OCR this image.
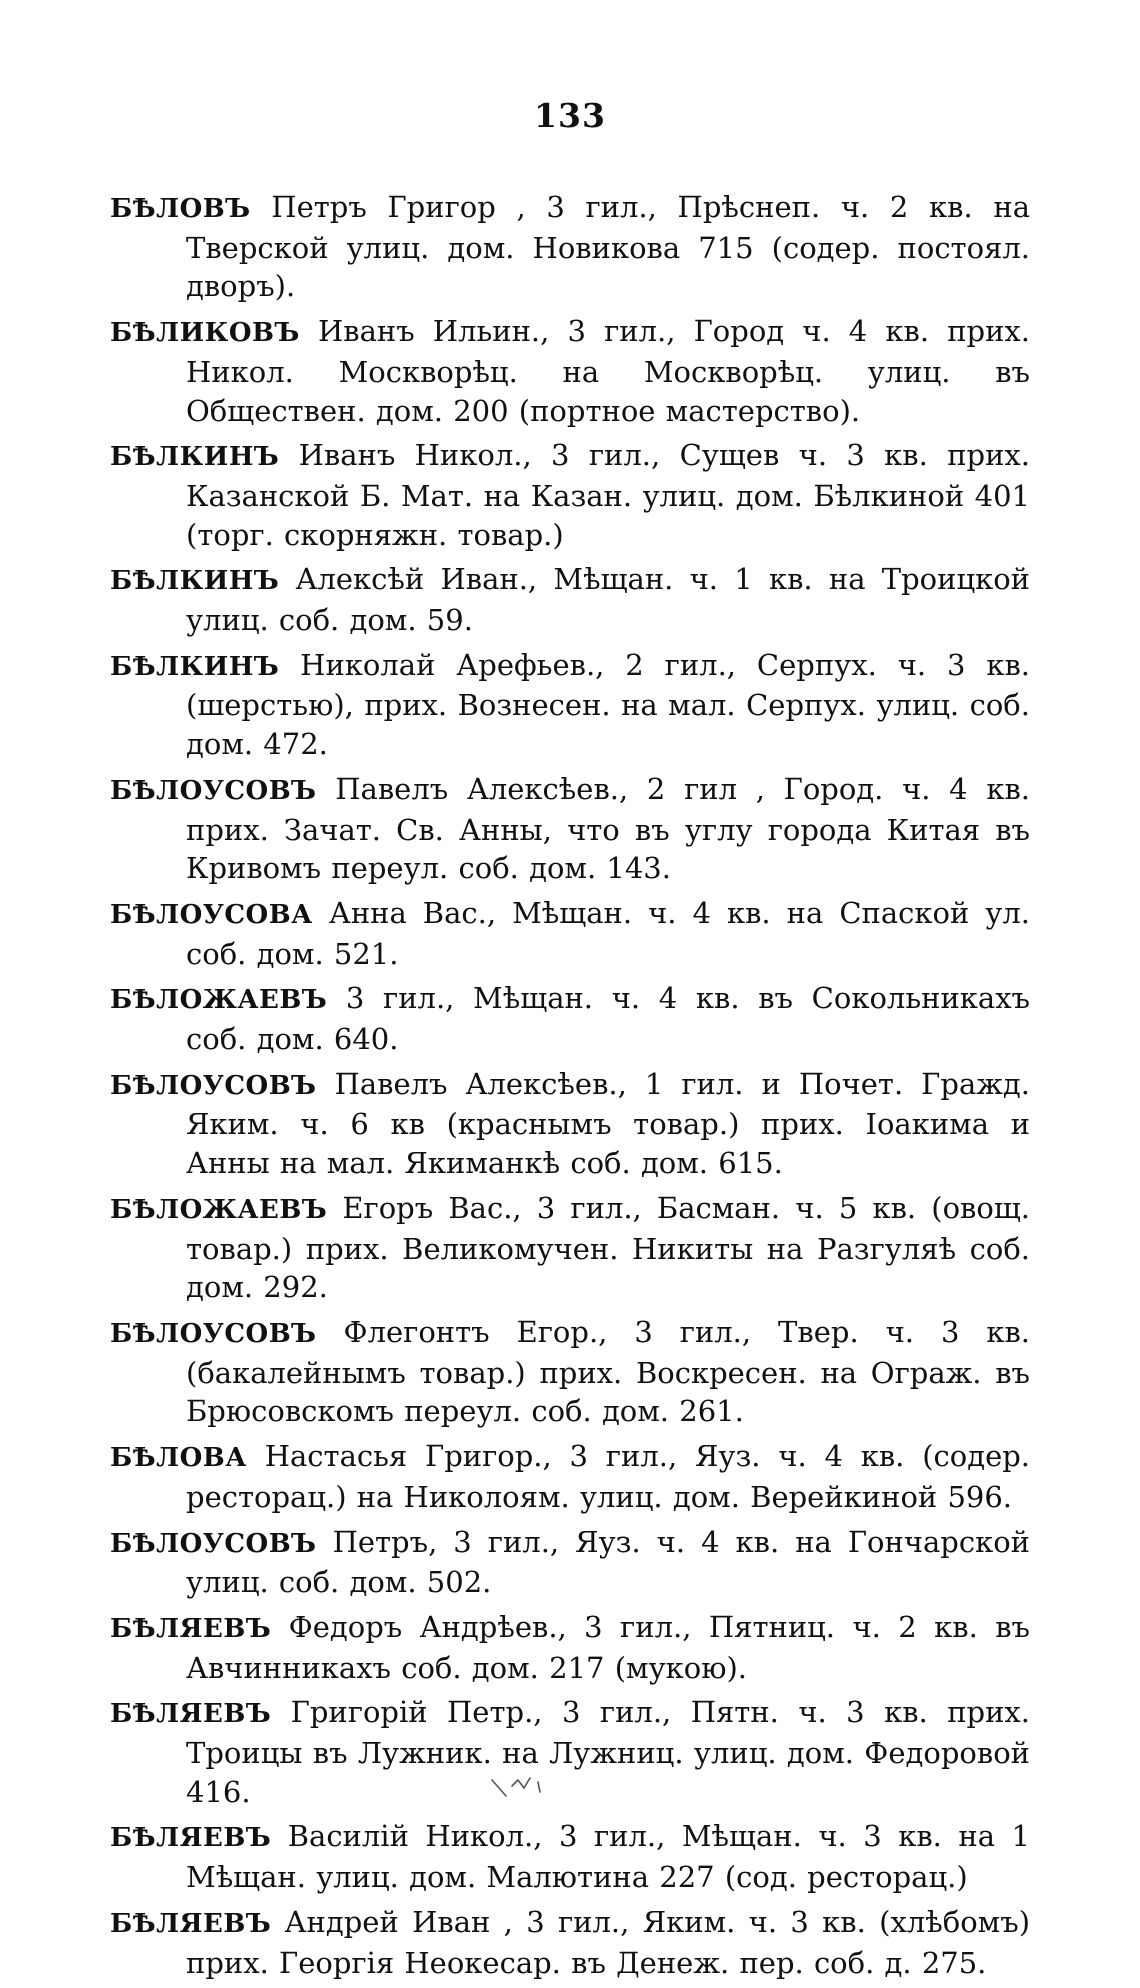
133

БѢЛОВЪ Петръ Григор , 3 гил., Прѣснеп. ч. 2 кв. на Тверской улиц. дом. Новикова 715 (содер. постоял. дворъ).

БѢЛИКОВЪ Иванъ Ильин., 3 гил., Город ч. 4 кв. прих. Никол. Москворѣц. на Москворѣц. улиц. въ Обществен. дом. 200 (портное мастерство).

БѢЛКИНЪ Иванъ Никол., 3 гил., Сущев ч. 3 кв. прих. Казанской Б. Мат. на Казан. улиц. дом. Бѣлкиной 401 (торг. скорняжн. товар.)

БѢЛКИНЪ Алексѣй Иван., Мѣщан. ч. 1 кв. на Троицкой улиц. соб. дом. 59.

БѢЛКИНЪ Николай Арефьев., 2 гил., Серпух. ч. 3 кв. (шерстью), прих. Вознесен. на мал. Серпух. улиц. соб. дом. 472.

БѢЛОУСОВЪ Павелъ Алексѣев., 2 гил , Город. ч. 4 кв. прих. Зачат. Св. Анны, что въ углу города Китая въ Кривомъ переул. соб. дом. 143.

БѢЛОУСОВА Анна Вас., Мѣщан. ч. 4 кв. на Спаской ул. соб. дом. 521.

БѢЛОЖАЕВЪ 3 гил., Мѣщан. ч. 4 кв. въ Сокольникахъ соб. дом. 640.

БѢЛОУСОВЪ Павелъ Алексѣев., 1 гил. и Почет. Гражд. Яким. ч. 6 кв (краснымъ товар.) прих. Іоакима и Анны на мал. Якиманкѣ соб. дом. 615.

БѢЛОЖАЕВЪ Егоръ Вас., 3 гил., Басман. ч. 5 кв. (овощ. товар.) прих. Великомучен. Никиты на Разгуляѣ соб. дом. 292.

БѢЛОУСОВЪ Флегонтъ Егор., 3 гил., Твер. ч. 3 кв. (бакалейнымъ товар.) прих. Воскресен. на Ограж. въ Брюсовскомъ переул. соб. дом. 261.

БѢЛОВА Настасья Григор., 3 гил., Яуз. ч. 4 кв. (содер. ресторац.) на Николоям. улиц. дом. Верейкиной 596.

БѢЛОУСОВЪ Петръ, 3 гил., Яуз. ч. 4 кв. на Гончарской улиц. соб. дом. 502.

БѢЛЯЕВЪ Федоръ Андрѣев., 3 гил., Пятниц. ч. 2 кв. въ Авчинникахъ соб. дом. 217 (мукою).

БѢЛЯЕВЪ Григорій Петр., 3 гил., Пятн. ч. 3 кв. прих. Троицы въ Лужник. на Лужниц. улиц. дом. Федоровой 416.

БѢЛЯЕВЪ Василій Никол., 3 гил., Мѣщан. ч. 3 кв. на 1 Мѣщан. улиц. дом. Малютина 227 (сод. ресторац.)

БѢЛЯЕВЪ Андрей Иван , 3 гил., Яким. ч. 3 кв. (хлѣбомъ) прих. Георгія Неокесар. въ Денеж. пер. соб. д. 275.
